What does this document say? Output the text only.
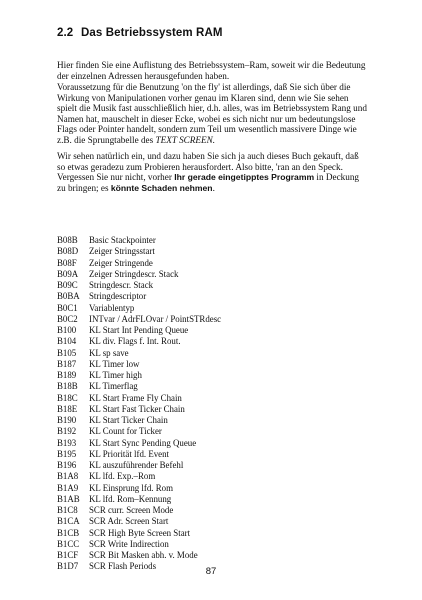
2.2 Das Betriebssystem RAM

Hier finden Sie eine Auflistung des Betriebssystem–Ram, soweit wir die Bedeutung der einzelnen Adressen herausgefunden haben.

Voraussetzung für die Benutzung 'on the fly' ist allerdings, daß Sie sich über die Wirkung von Manipulationen vorher genau im Klaren sind, denn wie Sie sehen spielt die Musik fast ausschließlich hier, d.h. alles, was im Betriebssystem Rang und Namen hat, mauschelt in dieser Ecke, wobei es sich nicht nur um bedeutungslose Flags oder Pointer handelt, sondern zum Teil um wesentlich massivere Dinge wie z.B. die Sprungtabelle des TEXT SCREEN.

Wir sehen natürlich ein, und dazu haben Sie sich ja auch dieses Buch gekauft, daß so etwas geradezu zum Probieren herausfordert. Also bitte, 'ran an den Speck. Vergessen Sie nur nicht, vorher Ihr gerade eingetipptes Programm in Deckung zu bringen; es könnte Schaden nehmen.

B08B Basic Stackpointer
B08D Zeiger Stringsstart
B08F Zeiger Stringende
B09A Zeiger Stringdescr. Stack
B09C Stringdescr. Stack
B0BA Stringdescriptor
B0C1 Variablentyp
B0C2 INTvar / AdrFLOvar / PointSTRdesc
B100 KL Start Int Pending Queue
B104 KL div. Flags f. Int. Rout.
B105 KL sp save
B187 KL Timer low
B189 KL Timer high
B18B KL Timerflag
B18C KL Start Frame Fly Chain
B18E KL Start Fast Ticker Chain
B190 KL Start Ticker Chain
B192 KL Count for Ticker
B193 KL Start Sync Pending Queue
B195 KL Priorität lfd. Event
B196 KL auszuführender Befehl
B1A8 KL lfd. Exp.–Rom
B1A9 KL Einsprung lfd. Rom
B1AB KL lfd. Rom–Kennung
B1C8 SCR curr. Screen Mode
B1CA SCR Adr. Screen Start
B1CB SCR High Byte Screen Start
B1CC SCR Write Indirection
B1CF SCR Bit Masken abh. v. Mode
B1D7 SCR Flash Periods	87
